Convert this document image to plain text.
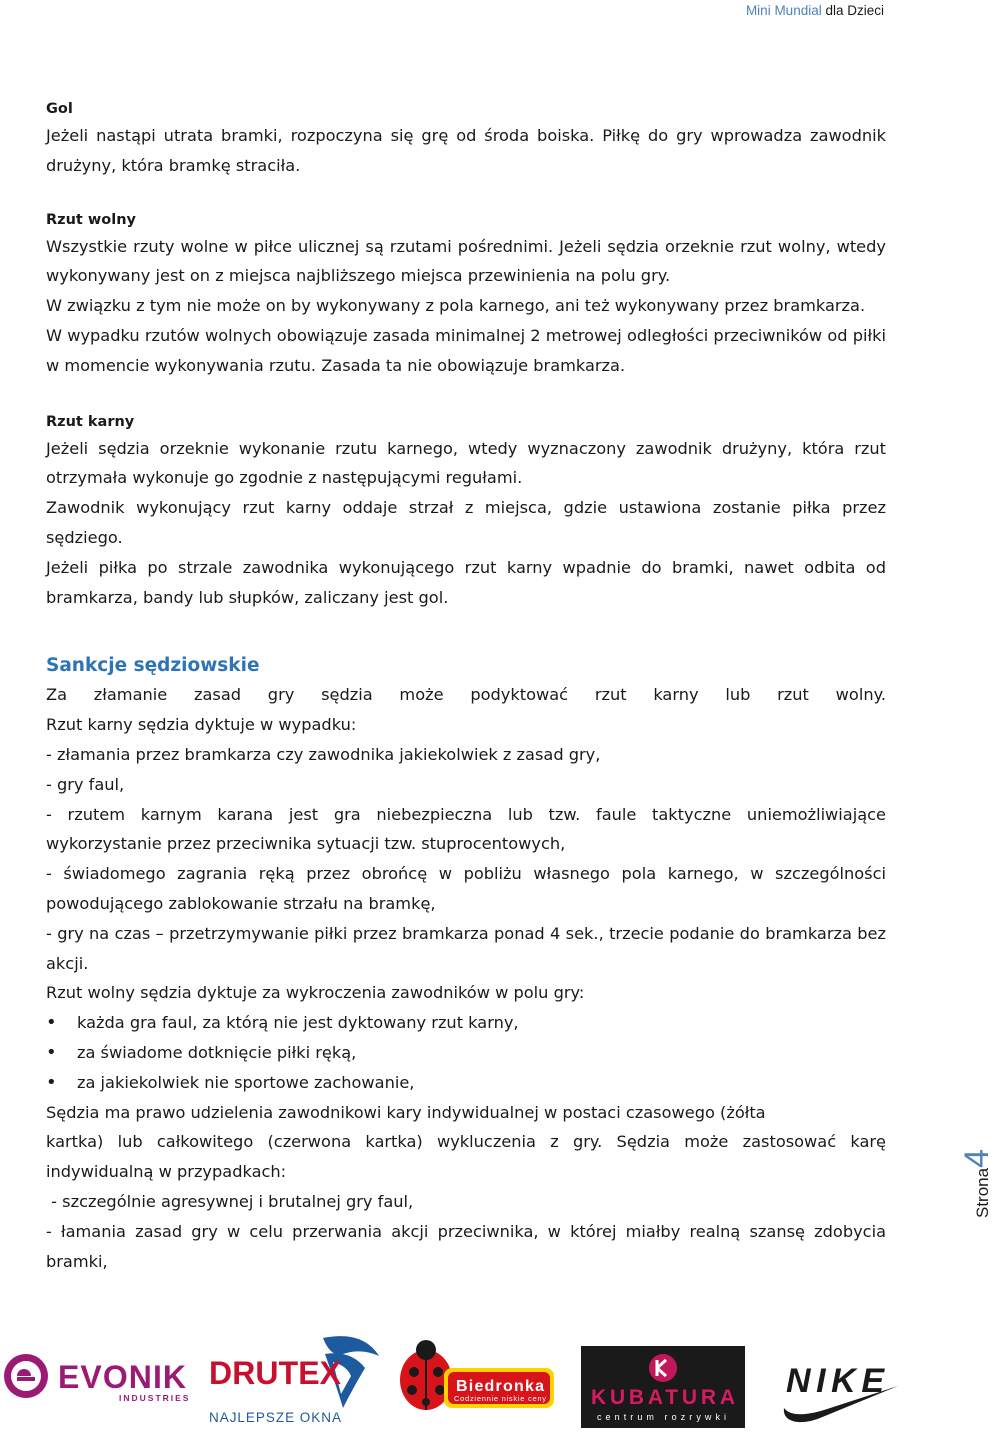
Mini Mundial dla Dzieci

Gol

Jeżeli nastąpi utrata bramki, rozpoczyna się grę od środa boiska. Piłkę do gry wprowadza zawodnik drużyny, która bramkę straciła.

Rzut wolny

Wszystkie rzuty wolne w piłce ulicznej są rzutami pośrednimi. Jeżeli sędzia orzeknie rzut wolny, wtedy wykonywany jest on z miejsca najbliższego miejsca przewinienia na polu gry.

W związku z tym nie może on by wykonywany z pola karnego, ani też wykonywany przez bramkarza.

W wypadku rzutów wolnych obowiązuje zasada minimalnej 2 metrowej odległości przeciwników od piłki w momencie wykonywania rzutu. Zasada ta nie obowiązuje bramkarza.

Rzut karny

Jeżeli sędzia orzeknie wykonanie rzutu karnego, wtedy wyznaczony zawodnik drużyny, która rzut otrzymała wykonuje go zgodnie z następującymi regułami.

Zawodnik wykonujący rzut karny oddaje strzał z miejsca, gdzie ustawiona zostanie piłka przez sędziego.

Jeżeli piłka po strzale zawodnika wykonującego rzut karny wpadnie do bramki, nawet odbita od bramkarza, bandy lub słupków, zaliczany jest gol.

Sankcje sędziowskie

Za złamanie zasad gry sędzia może podyktować rzut karny lub rzut wolny.

Rzut karny sędzia dyktuje w wypadku:

- złamania przez bramkarza czy zawodnika jakiekolwiek z zasad gry,

- gry faul,

- rzutem karnym karana jest gra niebezpieczna lub tzw. faule taktyczne uniemożliwiające wykorzystanie przez przeciwnika sytuacji tzw. stuprocentowych,

- świadomego zagrania ręką przez obrońcę w pobliżu własnego pola karnego, w szczególności powodującego zablokowanie strzału na bramkę,

- gry na czas – przetrzymywanie piłki przez bramkarza ponad 4 sek., trzecie podanie do bramkarza bez akcji.

Rzut wolny sędzia dyktuje za wykroczenia zawodników w polu gry:

• każda gra faul, za którą nie jest dyktowany rzut karny,
• za świadome dotknięcie piłki ręką,
• za jakiekolwiek nie sportowe zachowanie,

Sędzia ma prawo udzielenia zawodnikowi kary indywidualnej w postaci czasowego (żółta

kartka) lub całkowitego (czerwona kartka) wykluczenia z gry. Sędzia może zastosować karę indywidualną w przypadkach:

- szczególnie agresywnej i brutalnej gry faul,

- łamania zasad gry w celu przerwania akcji przeciwnika, w której miałby realną szansę zdobycia bramki,

Strona4
EVONIK
INDUSTRIES
DRUTEX
NAJLEPSZE OKNA
Biedronka
Codziennie niskie ceny KUBATURA
centrum rozrywki
NIKE
